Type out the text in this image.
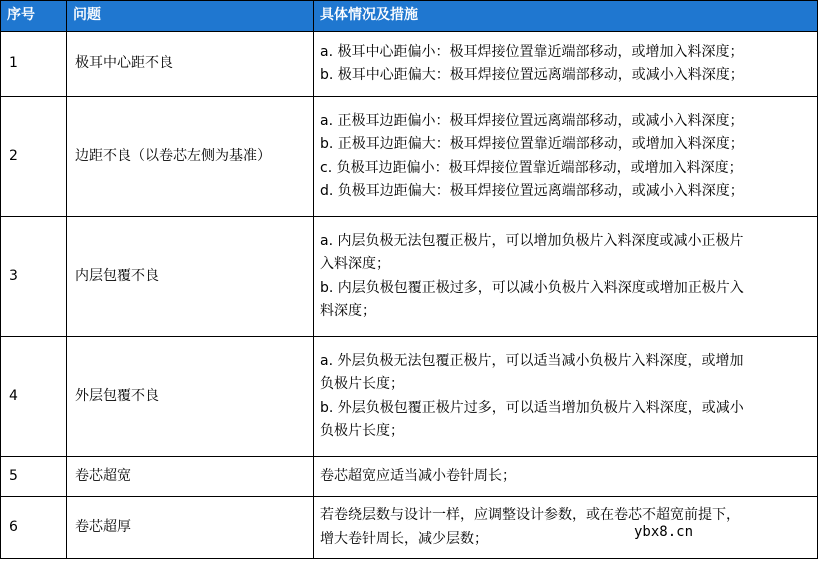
序号	问题	具体情况及措施
1	极耳中心距不良	a. 极耳中心距偏小：极耳焊接位置靠近端部移动，或增加入料深度；
b. 极耳中心距偏大：极耳焊接位置远离端部移动，或减小入料深度；

2	边距不良（以卷芯左侧为基准）	a. 正极耳边距偏小：极耳焊接位置远离端部移动，或减小入料深度；
b. 正极耳边距偏大：极耳焊接位置靠近端部移动，或增加入料深度；
c. 负极耳边距偏小：极耳焊接位置靠近端部移动，或增加入料深度；
d. 负极耳边距偏大：极耳焊接位置远离端部移动，或减小入料深度；

3	内层包覆不良	a. 内层负极无法包覆正极片，可以增加负极片入料深度或减小正极片
入料深度；
b. 内层负极包覆正极过多，可以减小负极片入料深度或增加正极片入
料深度；

4	外层包覆不良	a. 外层负极无法包覆正极片，可以适当减小负极片入料深度，或增加
负极片长度；
b. 外层负极包覆正极片过多，可以适当增加负极片入料深度，或减小
负极片长度；

5	卷芯超宽	卷芯超宽应适当减小卷针周长；

6	卷芯超厚	若卷绕层数与设计一样，应调整设计参数，或在卷芯不超宽前提下，
增大卷针周长，减少层数；	ybx8.cn
